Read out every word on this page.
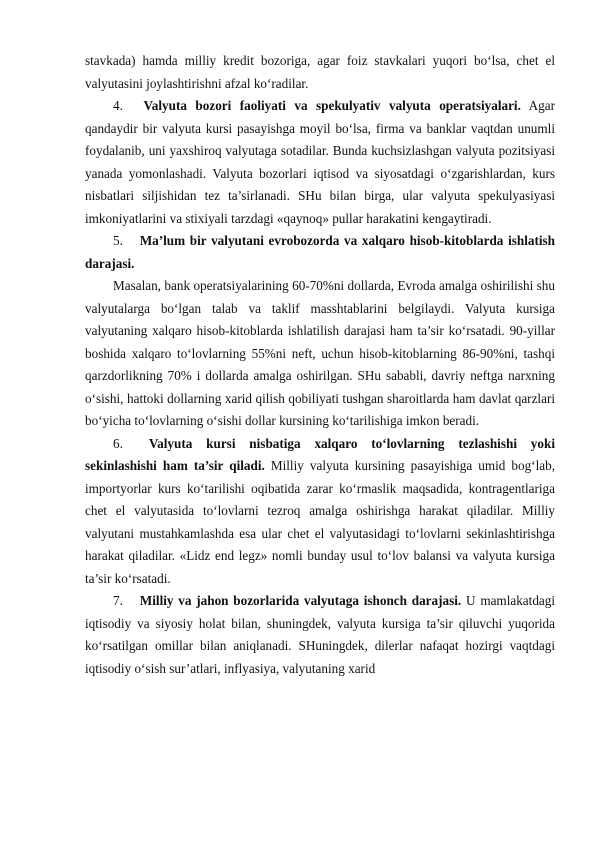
stavkada) hamda milliy kredit bozoriga, agar foiz stavkalari yuqori bo‘lsa, chet el valyutasini joylashtirishni afzal ko‘radilar.

4. Valyuta bozori faoliyati va spekulyativ valyuta operatsiyalari. Agar qandaydir bir valyuta kursi pasayishga moyil bo‘lsa, firma va banklar vaqtdan unumli foydalanib, uni yaxshiroq valyutaga sotadilar. Bunda kuchsizlashgan valyuta pozitsiyasi yanada yomonlashadi. Valyuta bozorlari iqtisod va siyosatdagi o‘zgarishlardan, kurs nisbatlari siljishidan tez ta’sirlanadi. SHu bilan birga, ular valyuta spekulyasiyasi imkoniyatlarini va stixiyali tarzdagi «qaynoq» pullar harakatini kengaytiradi.

5. Ma’lum bir valyutani evrobozorda va xalqaro hisob-kitoblarda ishlatish darajasi.

Masalan, bank operatsiyalarining 60-70%ni dollarda, Evroda amalga oshirilishi shu valyutalarga bo‘lgan talab va taklif masshtablarini belgilaydi. Valyuta kursiga valyutaning xalqaro hisob-kitoblarda ishlatilish darajasi ham ta’sir ko‘rsatadi. 90-yillar boshida xalqaro to‘lovlarning 55%ni neft, uchun hisob-kitoblarning 86-90%ni, tashqi qarzdorlikning 70% i dollarda amalga oshirilgan. SHu sababli, davriy neftga narxning o‘sishi, hattoki dollarning xarid qilish qobiliyati tushgan sharoitlarda ham davlat qarzlari bo‘yicha to‘lovlarning o‘sishi dollar kursining ko‘tarilishiga imkon beradi.

6. Valyuta kursi nisbatiga xalqaro to‘lovlarning tezlashishi yoki sekinlashishi ham ta’sir qiladi. Milliy valyuta kursining pasayishiga umid bog‘lab, importyorlar kurs ko‘tarilishi oqibatida zarar ko‘rmaslik maqsadida, kontragentlariga chet el valyutasida to‘lovlarni tezroq amalga oshirishga harakat qiladilar. Milliy valyutani mustahkamlashda esa ular chet el valyutasidagi to‘lovlarni sekinlashtirishga harakat qiladilar. «Lidz end legz» nomli bunday usul to‘lov balansi va valyuta kursiga ta’sir ko‘rsatadi.

7. Milliy va jahon bozorlarida valyutaga ishonch darajasi. U mamlakatdagi iqtisodiy va siyosiy holat bilan, shuningdek, valyuta kursiga ta’sir qiluvchi yuqorida ko‘rsatilgan omillar bilan aniqlanadi. SHuningdek, dilerlar nafaqat hozirgi vaqtdagi iqtisodiy o‘sish sur’atlari, inflyasiya, valyutaning xarid
